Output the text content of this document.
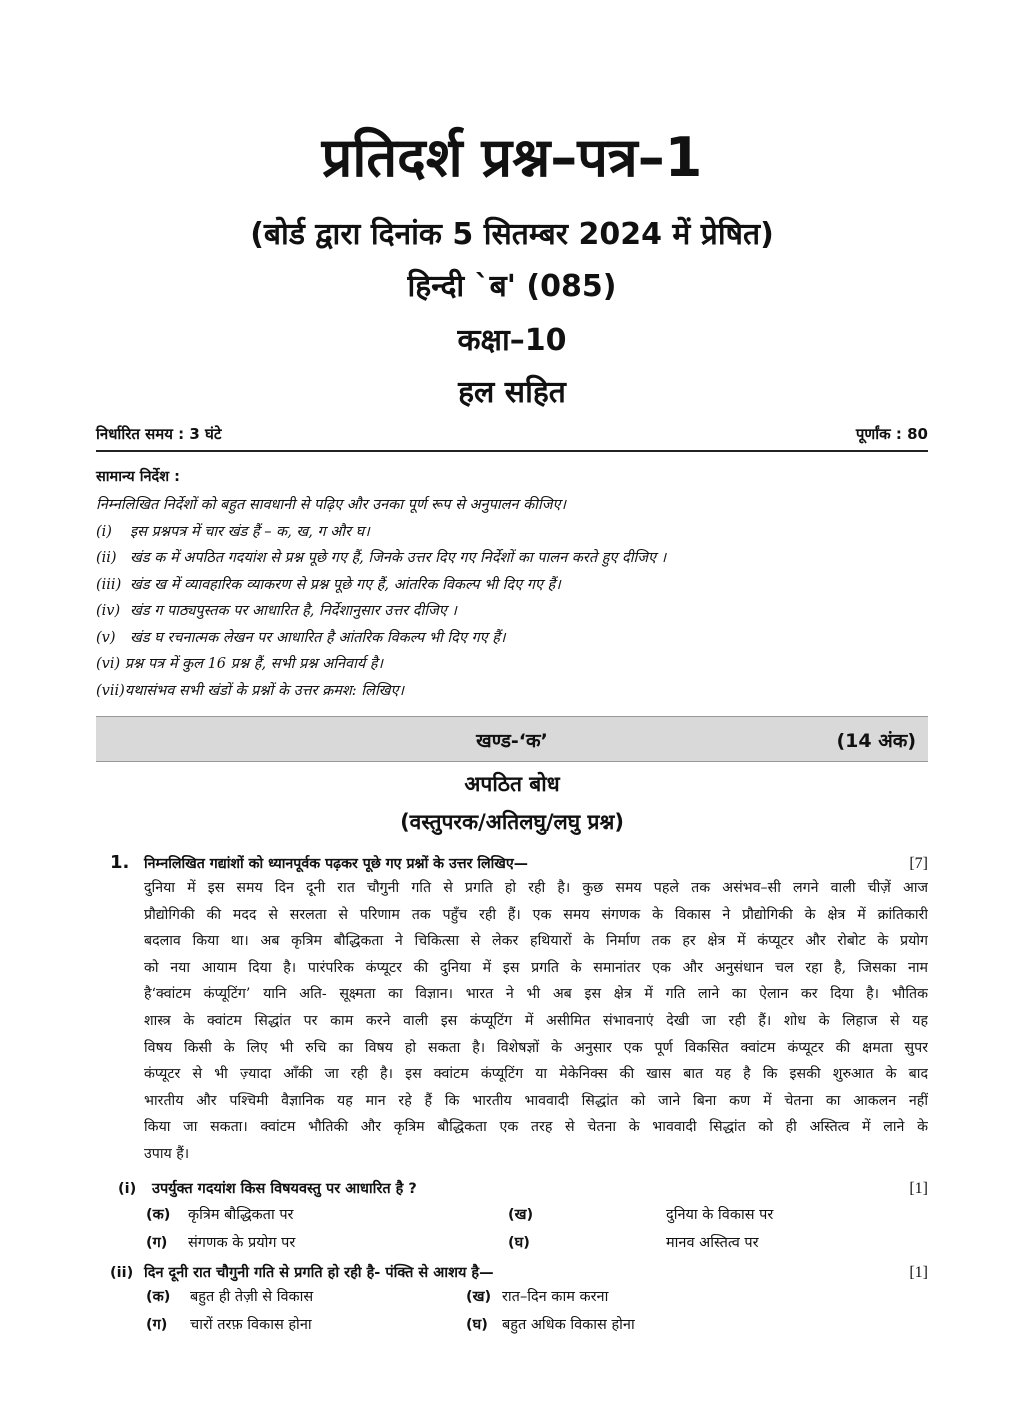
प्रतिदर्श प्रश्न–पत्र–1
(बोर्ड द्वारा दिनांक 5 सितम्बर 2024 में प्रेषित)
हिन्दी `ब' (085)
कक्षा–10
हल सहित
निर्धारित समय : 3 घंटे	पूर्णांक : 80
सामान्य निर्देश :
निम्नलिखित निर्देशों को बहुत सावधानी से पढ़िए और उनका पूर्ण रूप से अनुपालन कीजिए।
(i) इस प्रश्नपत्र में चार खंड हैं – क, ख, ग और घ।
(ii) खंड क में अपठित गदयांश से प्रश्न पूछे गए हैं, जिनके उत्तर दिए गए निर्देशों का पालन करते हुए दीजिए ।
(iii) खंड ख में व्यावहारिक व्याकरण से प्रश्न पूछे गए हैं, आंतरिक विकल्प भी दिए गए हैं।
(iv) खंड ग पाठ्यपुस्तक पर आधारित है, निर्देशानुसार उत्तर दीजिए ।
(v) खंड घ रचनात्मक लेखन पर आधारित है आंतरिक विकल्प भी दिए गए हैं।
(vi) प्रश्न पत्र में कुल 16 प्रश्न हैं, सभी प्रश्न अनिवार्य है।
(vii)यथासंभव सभी खंडों के प्रश्नों के उत्तर क्रमश: लिखिए।
खण्ड-‘क’	(14 अंक)
अपठित बोध
(वस्तुपरक/अतिलघु/लघु प्रश्न)
1.	निम्नलिखित गद्यांशों को ध्यानपूर्वक पढ़कर पूछे गए प्रश्नों के उत्तर लिखिए—	[7]
दुनिया में इस समय दिन दूनी रात चौगुनी गति से प्रगति हो रही है। कुछ समय पहले तक असंभव–सी लगने वाली चीज़ें आज
प्रौद्योगिकी की मदद से सरलता से परिणाम तक पहुँच रही हैं। एक समय संगणक के विकास ने प्रौद्योगिकी के क्षेत्र में क्रांतिकारी
बदलाव किया था। अब कृत्रिम बौद्धिकता ने चिकित्सा से लेकर हथियारों के निर्माण तक हर क्षेत्र में कंप्यूटर और रोबोट के प्रयोग
को नया आयाम दिया है। पारंपरिक कंप्यूटर की दुनिया में इस प्रगति के समानांतर एक और अनुसंधान चल रहा है, जिसका नाम
है‘क्वांटम कंप्यूटिंग’ यानि अति- सूक्ष्मता का विज्ञान। भारत ने भी अब इस क्षेत्र में गति लाने का ऐलान कर दिया है। भौतिक
शास्त्र के क्वांटम सिद्धांत पर काम करने वाली इस कंप्यूटिंग में असीमित संभावनाएं देखी जा रही हैं। शोध के लिहाज से यह
विषय किसी के लिए भी रुचि का विषय हो सकता है। विशेषज्ञों के अनुसार एक पूर्ण विकसित क्वांटम कंप्यूटर की क्षमता सुपर
कंप्यूटर से भी ज़्यादा आँकी जा रही है। इस क्वांटम कंप्यूटिंग या मेकेनिक्स की खास बात यह है कि इसकी शुरुआत के बाद
भारतीय और पश्चिमी वैज्ञानिक यह मान रहे हैं कि भारतीय भाववादी सिद्धांत को जाने बिना कण में चेतना का आकलन नहीं
किया जा सकता। क्वांटम भौतिकी और कृत्रिम बौद्धिकता एक तरह से चेतना के भाववादी सिद्धांत को ही अस्तित्व में लाने के
उपाय हैं।
(i)	उपर्युक्त गदयांश किस विषयवस्तु पर आधारित है ?	[1]
(क) कृत्रिम बौद्धिकता पर	(ख)	दुनिया के विकास पर
(ग) संगणक के प्रयोग पर	(घ)	मानव अस्तित्व पर
(ii) दिन दूनी रात चौगुनी गति से प्रगति हो रही है- पंक्ति से आशय है—	[1]
(क) बहुत ही तेज़ी से विकास	(ख) रात–दिन काम करना
(ग) चारों तरफ़ विकास होना	(घ) बहुत अधिक विकास होना
